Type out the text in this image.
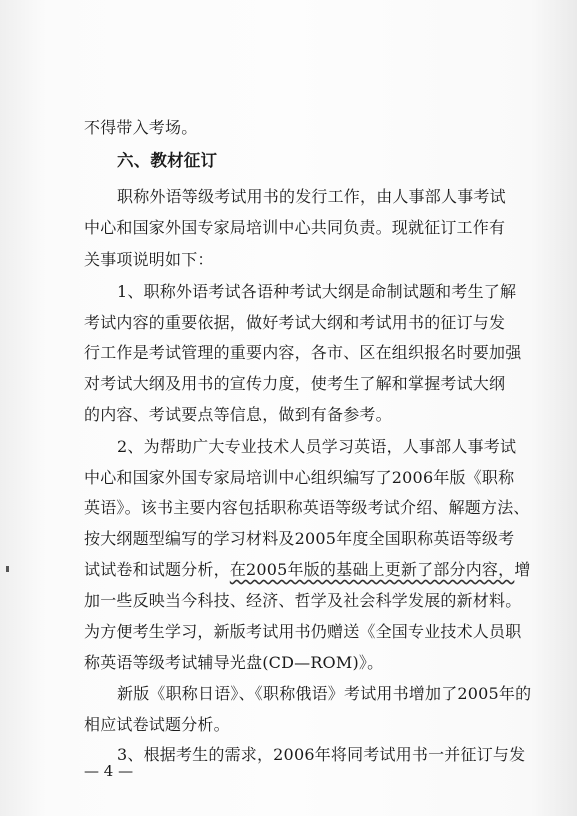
不得带入考场。
六、教材征订
职称外语等级考试用书的发行工作，由人事部人事考试
中心和国家外国专家局培训中心共同负责。现就征订工作有
关事项说明如下：
1、职称外语考试各语种考试大纲是命制试题和考生了解
考试内容的重要依据，做好考试大纲和考试用书的征订与发
行工作是考试管理的重要内容，各市、区在组织报名时要加强
对考试大纲及用书的宣传力度，使考生了解和掌握考试大纲
的内容、考试要点等信息，做到有备参考。
2、为帮助广大专业技术人员学习英语，人事部人事考试
中心和国家外国专家局培训中心组织编写了2006年版《职称
英语》。该书主要内容包括职称英语等级考试介绍、解题方法、
按大纲题型编写的学习材料及2005年度全国职称英语等级考
试试卷和试题分析，在2005年版的基础上更新了部分内容，增
加一些反映当今科技、经济、哲学及社会科学发展的新材料。
为方便考生学习，新版考试用书仍赠送《全国专业技术人员职
称英语等级考试辅导光盘(CD—ROM)》。
新版《职称日语》、《职称俄语》考试用书增加了2005年的
相应试卷试题分析。
3、根据考生的需求，2006年将同考试用书一并征订与发
— 4 —
